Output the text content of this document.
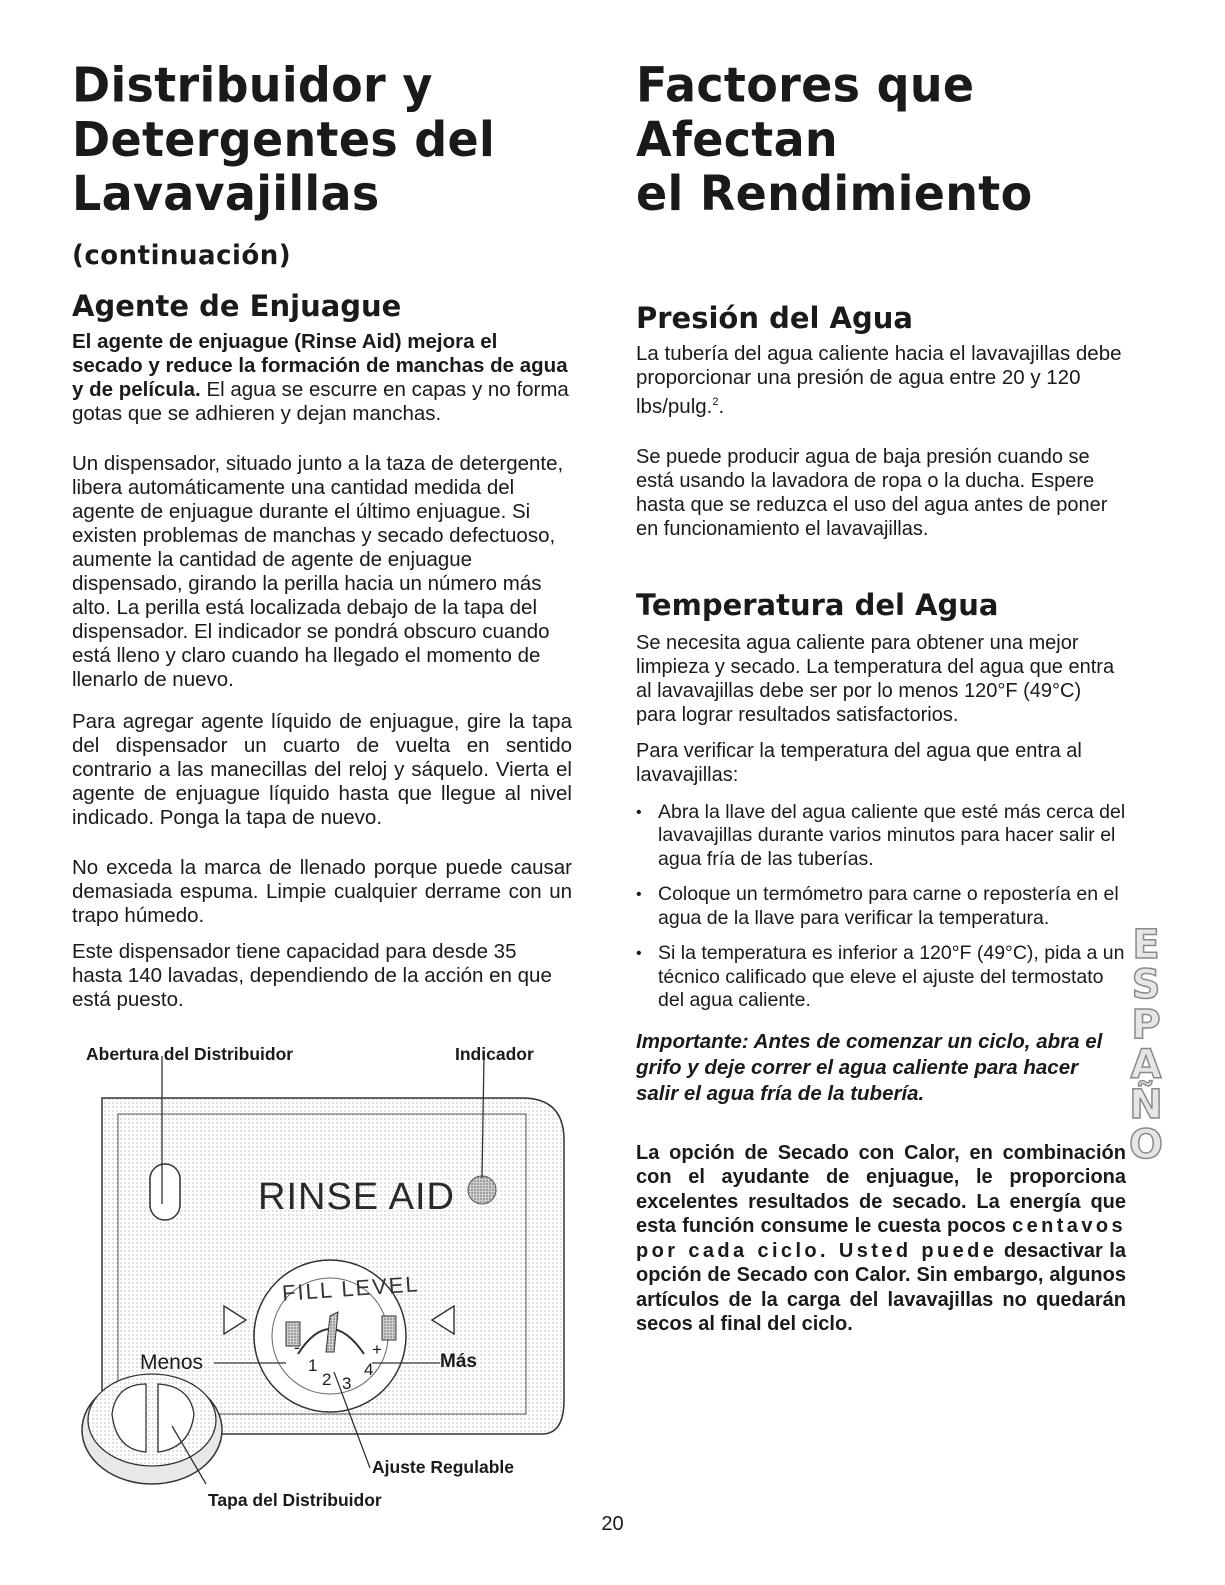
Distribuidor y
Detergentes del
Lavavajillas (continuación)
Agente de Enjuague

El agente de enjuague (Rinse Aid) mejora el secado y reduce la formación de manchas de agua y de película. El agua se escurre en capas y no forma gotas que se adhieren y dejan manchas.

Un dispensador, situado junto a la taza de detergente, libera automáticamente una cantidad medida del agente de enjuague durante el último enjuague. Si existen problemas de manchas y secado defectuoso, aumente la cantidad de agente de enjuague dispensado, girando la perilla hacia un número más alto. La perilla está localizada debajo de la tapa del dispensador. El indicador se pondrá obscuro cuando está lleno y claro cuando ha llegado el momento de llenarlo de nuevo.

Para agregar agente líquido de enjuague, gire la tapa del dispensador un cuarto de vuelta en sentido contrario a las manecillas del reloj y sáquelo. Vierta el agente de enjuague líquido hasta que llegue al nivel indicado. Ponga la tapa de nuevo.

No exceda la marca de llenado porque puede causar demasiada espuma. Limpie cualquier derrame con un trapo húmedo.

Este dispensador tiene capacidad para desde 35 hasta 140 lavadas, dependiendo de la acción en que está puesto.

Abertura del Distribuidor	Indicador
RINSE AID
FILL LEVEL
-
1
2 3
4
+
Menos	Más
Ajuste Regulable
Tapa del Distribuidor
Factores que Afectan
el Rendimiento
Presión del Agua

La tubería del agua caliente hacia el lavavajillas debe proporcionar una presión de agua entre 20 y 120 lbs/pulg.$^2$.

Se puede producir agua de baja presión cuando se está usando la lavadora de ropa o la ducha. Espere hasta que se reduzca el uso del agua antes de poner en funcionamiento el lavavajillas.

Temperatura del Agua

Se necesita agua caliente para obtener una mejor limpieza y secado. La temperatura del agua que entra al lavavajillas debe ser por lo menos 120°F (49°C) para lograr resultados satisfactorios.

Para verificar la temperatura del agua que entra al lavavajillas:

• Abra la llave del agua caliente que esté más cerca del lavavajillas durante varios minutos para hacer salir el agua fría de las tuberías.
• Coloque un termómetro para carne o repostería en el agua de la llave para verificar la temperatura.
• Si la temperatura es inferior a 120°F (49°C), pida a un técnico calificado que eleve el ajuste del termostato del agua caliente.

Importante: Antes de comenzar un ciclo, abra el grifo y deje correr el agua caliente para hacer salir el agua fría de la tubería.

La opción de Secado con Calor, en combinación con el ayudante de enjuague, le proporciona excelentes resultados de secado. La energía que esta función consume le cuesta pocos centavos por cada ciclo. Usted puede desactivar la opción de Secado con Calor. Sin embargo, algunos artículos de la carga del lavavajillas no quedarán secos al final del ciclo.

E
S
P
A
Ñ
O
20
